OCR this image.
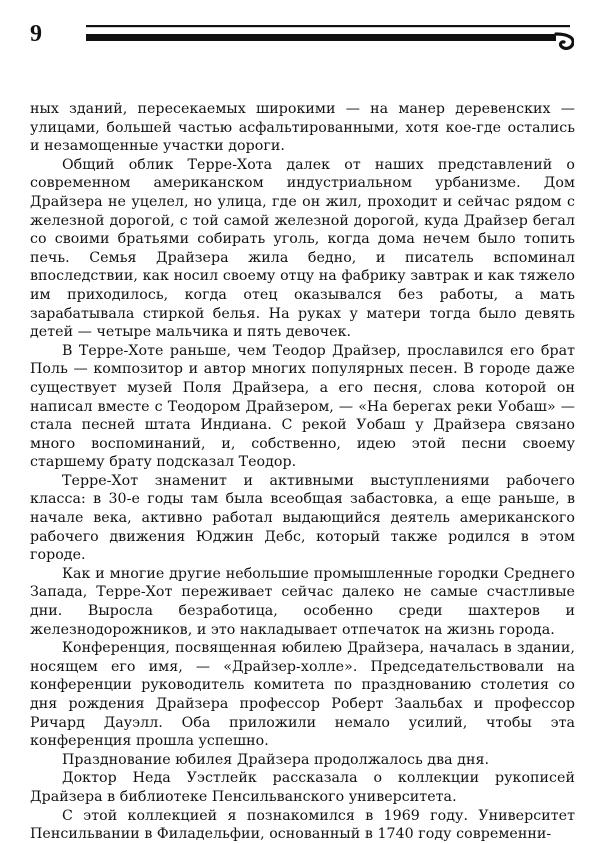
9

ных зданий, пересекаемых широкими — на манер деревенских — улицами, большей частью асфальтированными, хотя кое-где остались и незамощенные участки дороги.

Общий облик Терре-Хота далек от наших представлений о современном американском индустриальном урбанизме. Дом Драйзера не уцелел, но улица, где он жил, проходит и сейчас рядом с железной дорогой, с той самой железной дорогой, куда Драйзер бегал со своими братьями собирать уголь, когда дома нечем было топить печь. Семья Драйзера жила бедно, и писатель вспоминал впоследствии, как носил своему отцу на фабрику завтрак и как тяжело им приходилось, когда отец оказывался без работы, а мать зарабатывала стиркой белья. На руках у матери тогда было девять детей — четыре мальчика и пять девочек.

В Терре-Хоте раньше, чем Теодор Драйзер, прославился его брат Поль — композитор и автор многих популярных песен. В городе даже существует музей Поля Драйзера, а его песня, слова которой он написал вместе с Теодором Драйзером, — «На берегах реки Уобаш» — стала песней штата Индиана. С рекой Уобаш у Драйзера связано много воспоминаний, и, собственно, идею этой песни своему старшему брату подсказал Теодор.

Терре-Хот знаменит и активными выступлениями рабочего класса: в 30-е годы там была всеобщая забастовка, а еще раньше, в начале века, активно работал выдающийся деятель американского рабочего движения Юджин Дебс, который также родился в этом городе.

Как и многие другие небольшие промышленные городки Среднего Запада, Терре-Хот переживает сейчас далеко не самые счастливые дни. Выросла безработица, особенно среди шахтеров и железнодорожников, и это накладывает отпечаток на жизнь города.

Конференция, посвященная юбилею Драйзера, началась в здании, носящем его имя, — «Драйзер-холле». Председательствовали на конференции руководитель комитета по празднованию столетия со дня рождения Драйзера профессор Роберт Заальбах и профессор Ричард Дауэлл. Оба приложили немало усилий, чтобы эта конференция прошла успешно.

Празднование юбилея Драйзера продолжалось два дня.

Доктор Неда Уэстлейк рассказала о коллекции рукописей Драйзера в библиотеке Пенсильванского университета.

С этой коллекцией я познакомился в 1969 году. Университет Пенсильвании в Филадельфии, основанный в 1740 году современни-
